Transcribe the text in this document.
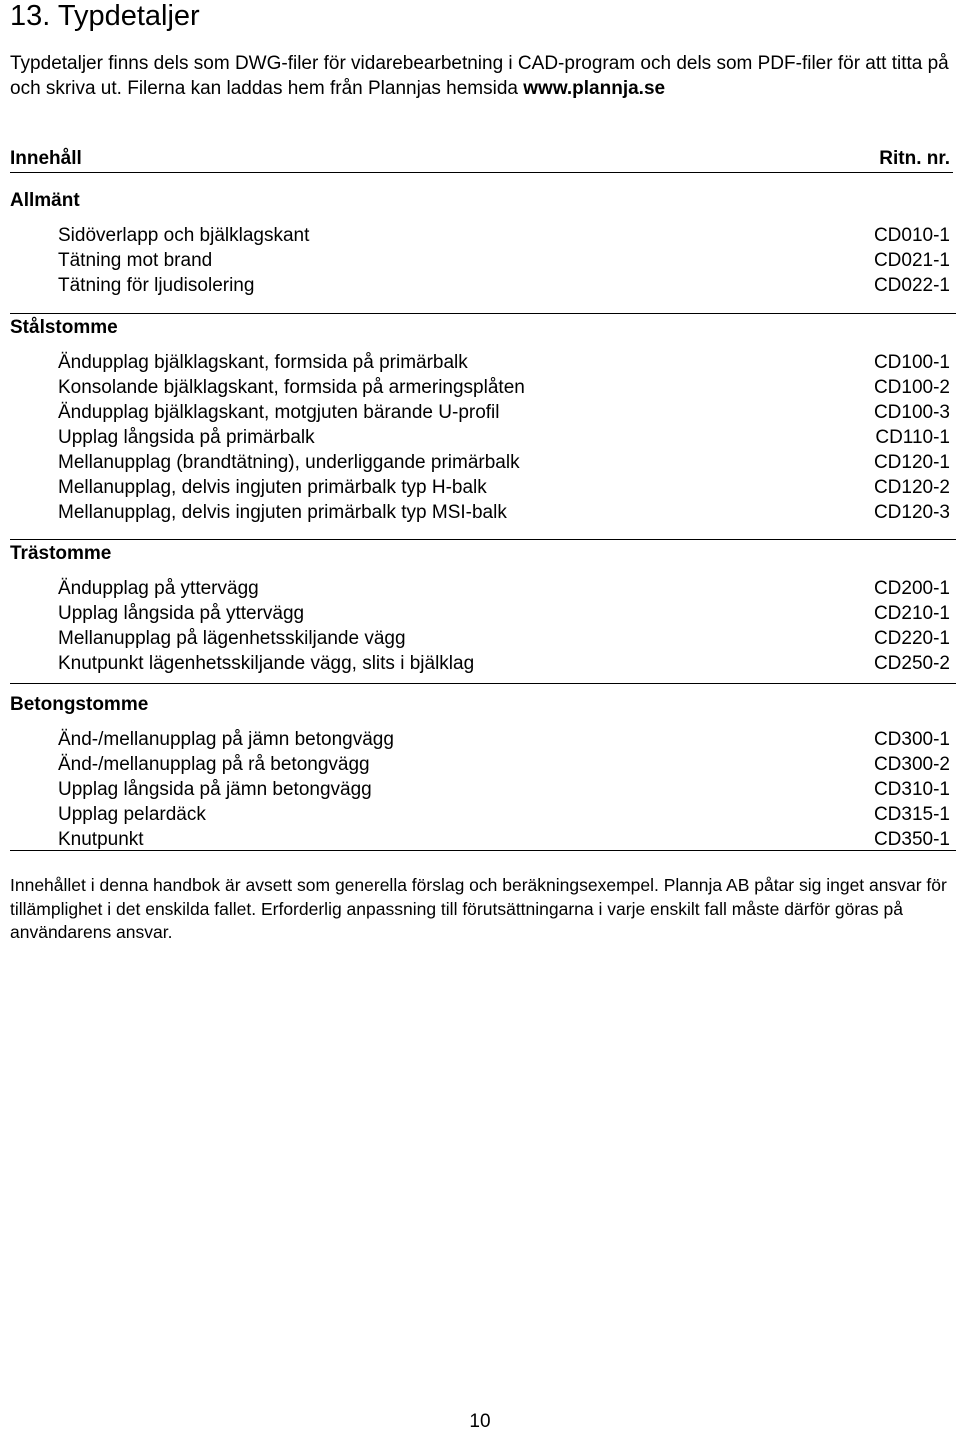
13. Typdetaljer
Typdetaljer finns dels som DWG-filer för vidarebearbetning i CAD-program och dels som PDF-filer för att titta på och skriva ut. Filerna kan laddas hem från Plannjas hemsida www.plannja.se
Innehåll	Ritn. nr.
Allmänt
Sidöverlapp och bjälklagskant	CD010-1
Tätning mot brand	CD021-1
Tätning för ljudisolering	CD022-1
Stålstomme
Ändupplag bjälklagskant, formsida på primärbalk	CD100-1
Konsolande bjälklagskant, formsida på armeringsplåten	CD100-2
Ändupplag bjälklagskant, motgjuten bärande U-profil	CD100-3
Upplag långsida på primärbalk	CD110-1
Mellanupplag (brandtätning), underliggande primärbalk	CD120-1
Mellanupplag, delvis ingjuten primärbalk typ H-balk	CD120-2
Mellanupplag, delvis ingjuten primärbalk typ MSI-balk	CD120-3
Trästomme
Ändupplag på yttervägg	CD200-1
Upplag långsida på yttervägg	CD210-1
Mellanupplag på lägenhetsskiljande vägg	CD220-1
Knutpunkt lägenhetsskiljande vägg, slits i bjälklag	CD250-2
Betongstomme
Änd-/mellanupplag på jämn betongvägg	CD300-1
Änd-/mellanupplag på rå betongvägg	CD300-2
Upplag långsida på jämn betongvägg	CD310-1
Upplag pelardäck	CD315-1
Knutpunkt	CD350-1
Innehållet i denna handbok är avsett som generella förslag och beräkningsexempel. Plannja AB påtar sig inget ansvar för tillämplighet i det enskilda fallet. Erforderlig anpassning till förutsättningarna i varje enskilt fall måste därför göras på användarens ansvar.
10
